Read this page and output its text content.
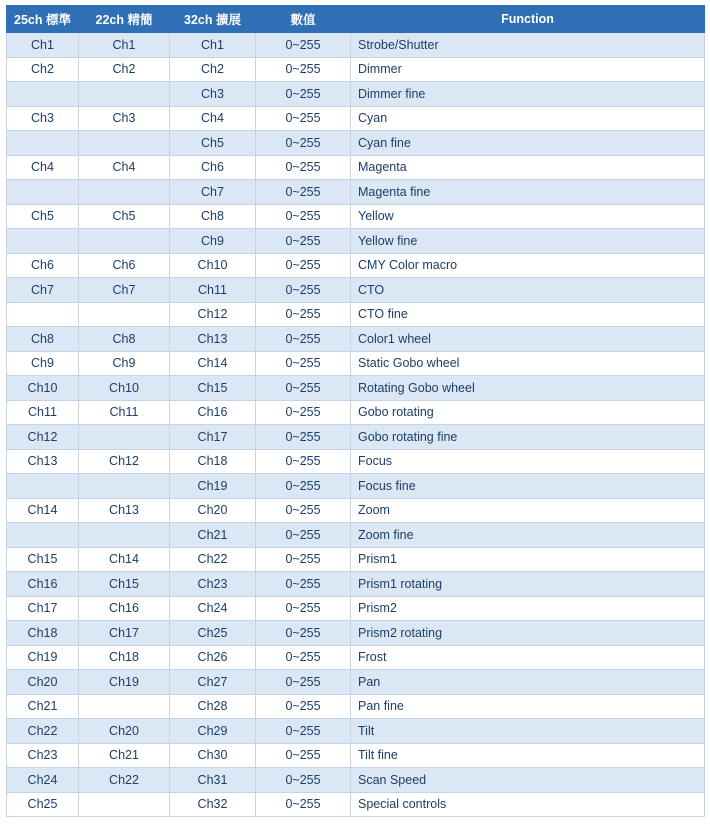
25ch 標準	22ch 精簡	32ch 擴展	數值	Function
Ch1	Ch1	Ch1	0~255	Strobe/Shutter
Ch2	Ch2	Ch2	0~255	Dimmer
		Ch3	0~255	Dimmer fine
Ch3	Ch3	Ch4	0~255	Cyan
		Ch5	0~255	Cyan fine
Ch4	Ch4	Ch6	0~255	Magenta
		Ch7	0~255	Magenta fine
Ch5	Ch5	Ch8	0~255	Yellow
		Ch9	0~255	Yellow fine
Ch6	Ch6	Ch10	0~255	CMY Color macro
Ch7	Ch7	Ch11	0~255	CTO
		Ch12	0~255	CTO fine
Ch8	Ch8	Ch13	0~255	Color1 wheel
Ch9	Ch9	Ch14	0~255	Static Gobo wheel
Ch10	Ch10	Ch15	0~255	Rotating Gobo wheel
Ch11	Ch11	Ch16	0~255	Gobo rotating
Ch12		Ch17	0~255	Gobo rotating fine
Ch13	Ch12	Ch18	0~255	Focus
		Ch19	0~255	Focus fine
Ch14	Ch13	Ch20	0~255	Zoom
		Ch21	0~255	Zoom fine
Ch15	Ch14	Ch22	0~255	Prism1
Ch16	Ch15	Ch23	0~255	Prism1 rotating
Ch17	Ch16	Ch24	0~255	Prism2
Ch18	Ch17	Ch25	0~255	Prism2 rotating
Ch19	Ch18	Ch26	0~255	Frost
Ch20	Ch19	Ch27	0~255	Pan
Ch21		Ch28	0~255	Pan fine
Ch22	Ch20	Ch29	0~255	Tilt
Ch23	Ch21	Ch30	0~255	Tilt fine
Ch24	Ch22	Ch31	0~255	Scan Speed
Ch25		Ch32	0~255	Special controls
